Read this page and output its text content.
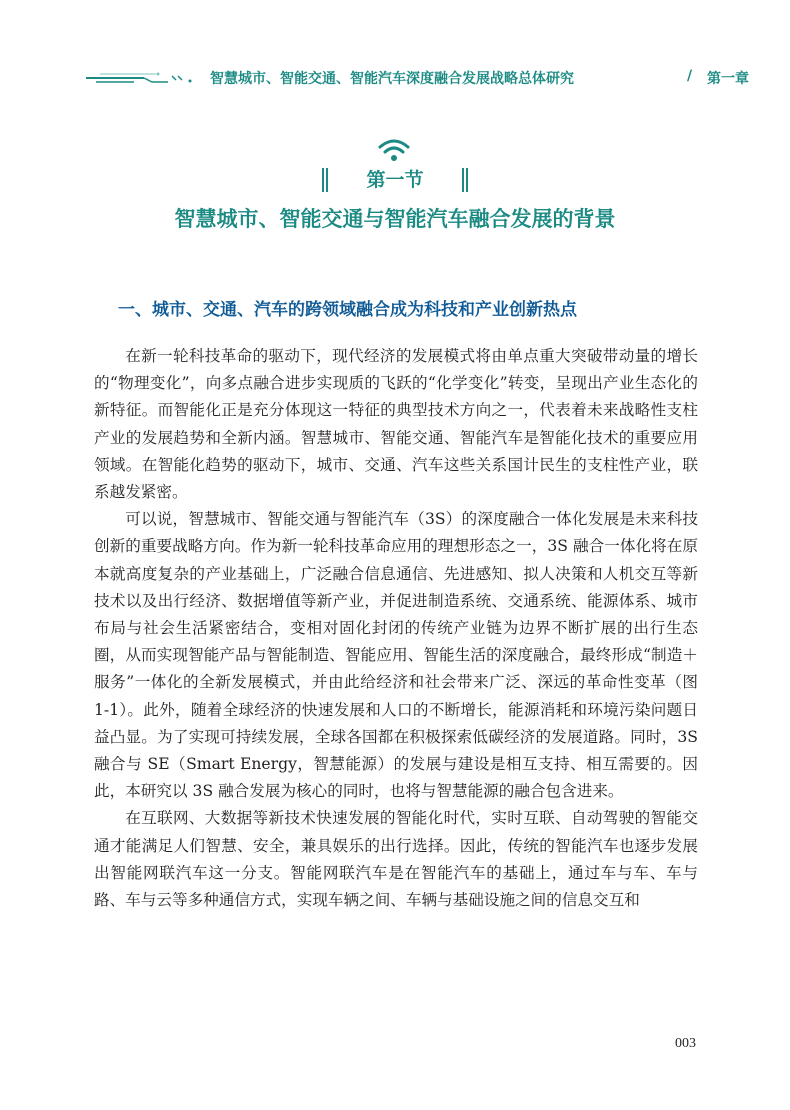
智慧城市、智能交通、智能汽车深度融合发展战略总体研究	/ 第一章
第一节
智慧城市、智能交通与智能汽车融合发展的背景
一、城市、交通、汽车的跨领域融合成为科技和产业创新热点

在新一轮科技革命的驱动下，现代经济的发展模式将由单点重大突破带动量的增长的“物理变化”，向多点融合进步实现质的飞跃的“化学变化”转变，呈现出产业生态化的新特征。而智能化正是充分体现这一特征的典型技术方向之一，代表着未来战略性支柱产业的发展趋势和全新内涵。智慧城市、智能交通、智能汽车是智能化技术的重要应用领域。在智能化趋势的驱动下，城市、交通、汽车这些关系国计民生的支柱性产业，联系越发紧密。

可以说，智慧城市、智能交通与智能汽车（3S）的深度融合一体化发展是未来科技创新的重要战略方向。作为新一轮科技革命应用的理想形态之一，3S 融合一体化将在原本就高度复杂的产业基础上，广泛融合信息通信、先进感知、拟人决策和人机交互等新技术以及出行经济、数据增值等新产业，并促进制造系统、交通系统、能源体系、城市布局与社会生活紧密结合，变相对固化封闭的传统产业链为边界不断扩展的出行生态圈，从而实现智能产品与智能制造、智能应用、智能生活的深度融合，最终形成“制造＋服务”一体化的全新发展模式，并由此给经济和社会带来广泛、深远的革命性变革（图 1-1）。此外，随着全球经济的快速发展和人口的不断增长，能源消耗和环境污染问题日益凸显。为了实现可持续发展，全球各国都在积极探索低碳经济的发展道路。同时，3S 融合与 SE（Smart Energy，智慧能源）的发展与建设是相互支持、相互需要的。因此，本研究以 3S 融合发展为核心的同时，也将与智慧能源的融合包含进来。

在互联网、大数据等新技术快速发展的智能化时代，实时互联、自动驾驶的智能交通才能满足人们智慧、安全，兼具娱乐的出行选择。因此，传统的智能汽车也逐步发展出智能网联汽车这一分支。智能网联汽车是在智能汽车的基础上，通过车与车、车与路、车与云等多种通信方式，实现车辆之间、车辆与基础设施之间的信息交互和

003
